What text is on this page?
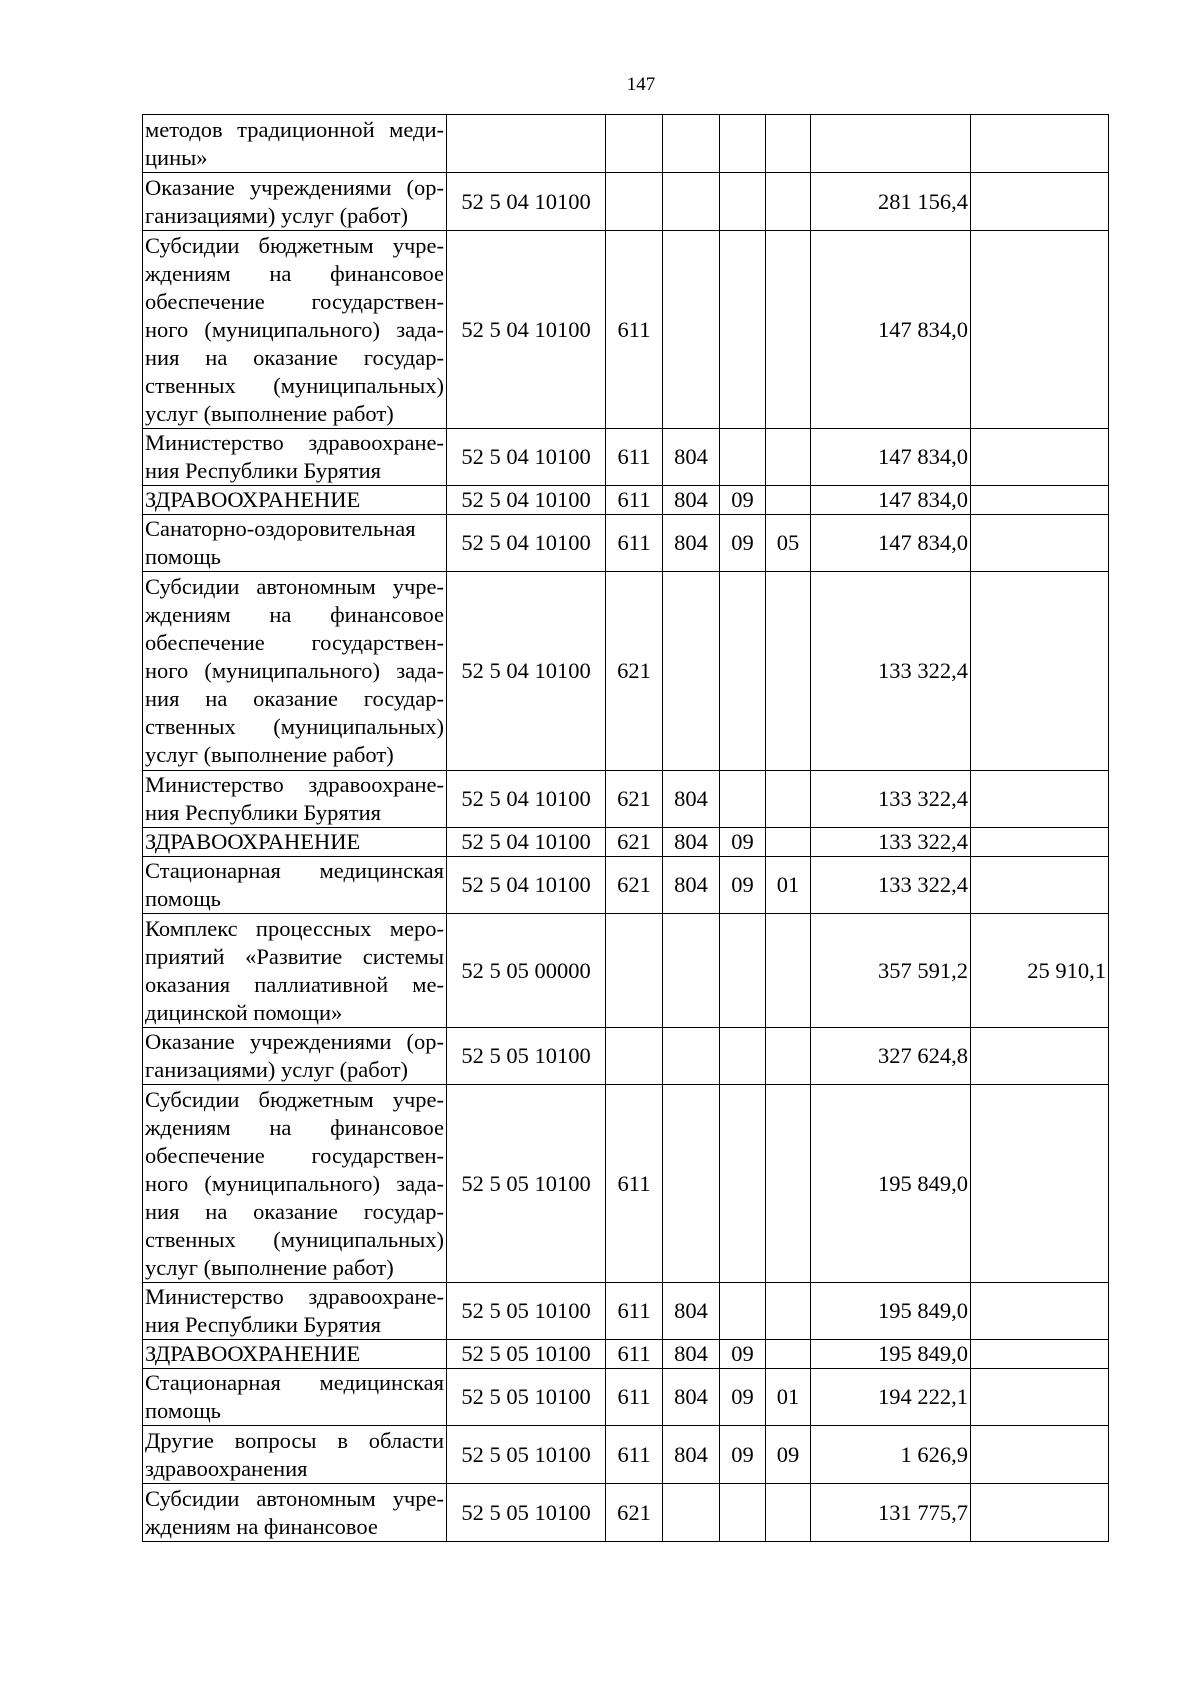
147
методов традиционной меди-цины»							
Оказание учреждениями (ор-ганизациями) услуг (работ)	52 5 04 10100					281 156,4	
Субсидии бюджетным учре-ждениям на финансовое обеспечение государствен-ного (муниципального) зада-ния на оказание государ-ственных (муниципальных) услуг (выполнение работ)	52 5 04 10100	611				147 834,0	
Министерство здравоохране-ния Республики Бурятия	52 5 04 10100	611	804			147 834,0	
ЗДРАВООХРАНЕНИЕ	52 5 04 10100	611	804	09		147 834,0	
Санаторно-оздоровительная помощь	52 5 04 10100	611	804	09	05	147 834,0	
Субсидии автономным учре-ждениям на финансовое обеспечение государствен-ного (муниципального) зада-ния на оказание государ-ственных (муниципальных) услуг (выполнение работ)	52 5 04 10100	621				133 322,4	
Министерство здравоохране-ния Республики Бурятия	52 5 04 10100	621	804			133 322,4	
ЗДРАВООХРАНЕНИЕ	52 5 04 10100	621	804	09		133 322,4	
Стационарная медицинская помощь	52 5 04 10100	621	804	09	01	133 322,4	
Комплекс процессных меро-приятий «Развитие системы оказания паллиативной ме-дицинской помощи»	52 5 05 00000					357 591,2	25 910,1
Оказание учреждениями (ор-ганизациями) услуг (работ)	52 5 05 10100					327 624,8	
Субсидии бюджетным учре-ждениям на финансовое обеспечение государствен-ного (муниципального) зада-ния на оказание государ-ственных (муниципальных) услуг (выполнение работ)	52 5 05 10100	611				195 849,0	
Министерство здравоохране-ния Республики Бурятия	52 5 05 10100	611	804			195 849,0	
ЗДРАВООХРАНЕНИЕ	52 5 05 10100	611	804	09		195 849,0	
Стационарная медицинская помощь	52 5 05 10100	611	804	09	01	194 222,1	
Другие вопросы в области здравоохранения	52 5 05 10100	611	804	09	09	1 626,9	
Субсидии автономным учре-ждениям на финансовое	52 5 05 10100	621				131 775,7	
